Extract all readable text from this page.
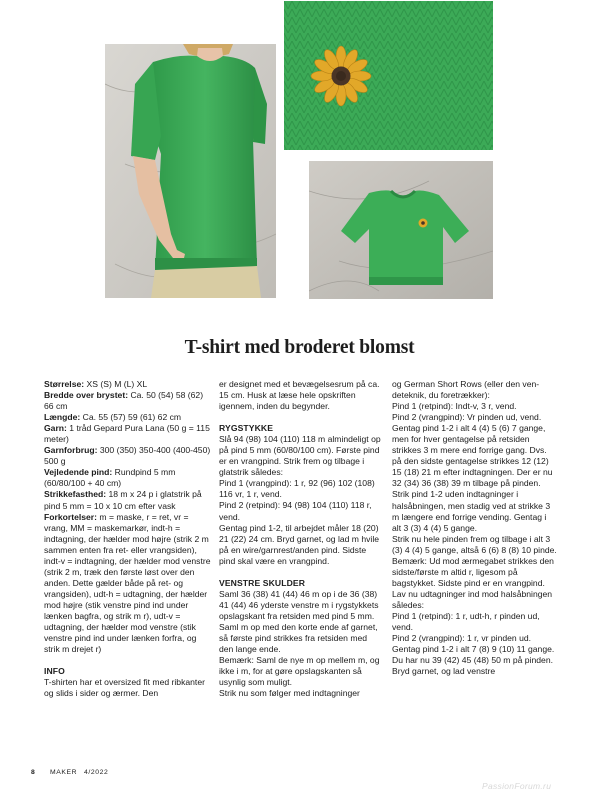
T-shirt med broderet blomst

Størrelse: XS (S) M (L) XL

Bredde over brystet: Ca. 50 (54) 58 (62) 66 cm

Længde: Ca. 55 (57) 59 (61) 62 cm

Garn: 1 tråd Gepard Pura Lana (50 g = 115 meter)

Garnforbrug: 300 (350) 350-400 (400-450) 500 g

Vejledende pind: Rundpind 5 mm (60/80/100 + 40 cm)

Strikkefasthed: 18 m x 24 p i glatstrik på pind 5 mm = 10 x 10 cm efter vask

Forkortelser: m = maske, r = ret, vr = vrang, MM = maskemarkør, indt-h = indtagning, der hælder mod højre (strik 2 m sammen enten fra ret- eller vrangsiden), indt-v = indtagning, der hælder mod venstre (strik 2 m, træk den første løst over den anden. Dette gælder både på ret- og vrangsiden), udt-h = udtagning, der hælder mod højre (stik venstre pind ind under lænken bagfra, og strik m r), udt-v = udtagning, der hælder mod venstre (stik venstre pind ind under lænken forfra, og strik m drejet r)

INFO

T-shirten har et oversized fit med ribkanter og slids i sider og ærmer. Den

er designet med et bevægelsesrum på ca. 15 cm. Husk at læse hele opskriften igennem, inden du begynder.

RYGSTYKKE

Slå 94 (98) 104 (110) 118 m almindeligt op på pind 5 mm (60/80/100 cm). Første pind er en vrangpind. Strik frem og tilbage i glatstrik således:

Pind 1 (vrangpind): 1 r, 92 (96) 102 (108) 116 vr, 1 r, vend.

Pind 2 (retpind): 94 (98) 104 (110) 118 r, vend.

Gentag pind 1-2, til arbejdet måler 18 (20) 21 (22) 24 cm. Bryd garnet, og lad m hvile på en wire/garnrest/anden pind. Sidste pind skal være en vrangpind.

VENSTRE SKULDER

Saml 36 (38) 41 (44) 46 m op i de 36 (38) 41 (44) 46 yderste venstre m i rygstykkets opslagskant fra retsiden med pind 5 mm. Saml m op med den korte ende af garnet, så første pind strikkes fra retsiden med den lange ende.

Bemærk: Saml de nye m op mellem m, og ikke i m, for at gøre opslagskanten så usynlig som muligt.

Strik nu som følger med indtagninger

og German Short Rows (eller den vendeteknik, du foretrækker):

Pind 1 (retpind): Indt-v, 3 r, vend.

Pind 2 (vrangpind): Vr pinden ud, vend.

Gentag pind 1-2 i alt 4 (4) 5 (6) 7 gange, men for hver gentagelse på retsiden strikkes 3 m mere end forrige gang. Dvs. på den sidste gentagelse strikkes 12 (12) 15 (18) 21 m efter indtagningen. Der er nu 32 (34) 36 (38) 39 m tilbage på pinden.

Strik pind 1-2 uden indtagninger i halsåbningen, men stadig ved at strikke 3 m længere end forrige vending. Gentag i alt 3 (3) 4 (4) 5 gange.

Strik nu hele pinden frem og tilbage i alt 3 (3) 4 (4) 5 gange, altså 6 (6) 8 (8) 10 pinde. Bemærk: Ud mod ærmegabet strikkes den sidste/første m altid r, ligesom på bagstykket. Sidste pind er en vrangpind.

Lav nu udtagninger ind mod halsåbningen således:

Pind 1 (retpind): 1 r, udt-h, r pinden ud, vend.

Pind 2 (vrangpind): 1 r, vr pinden ud.

Gentag pind 1-2 i alt 7 (8) 9 (10) 11 gange. Du har nu 39 (42) 45 (48) 50 m på pinden. Bryd garnet, og lad venstre

8 MAKER 4/2022
PassionForum.ru
